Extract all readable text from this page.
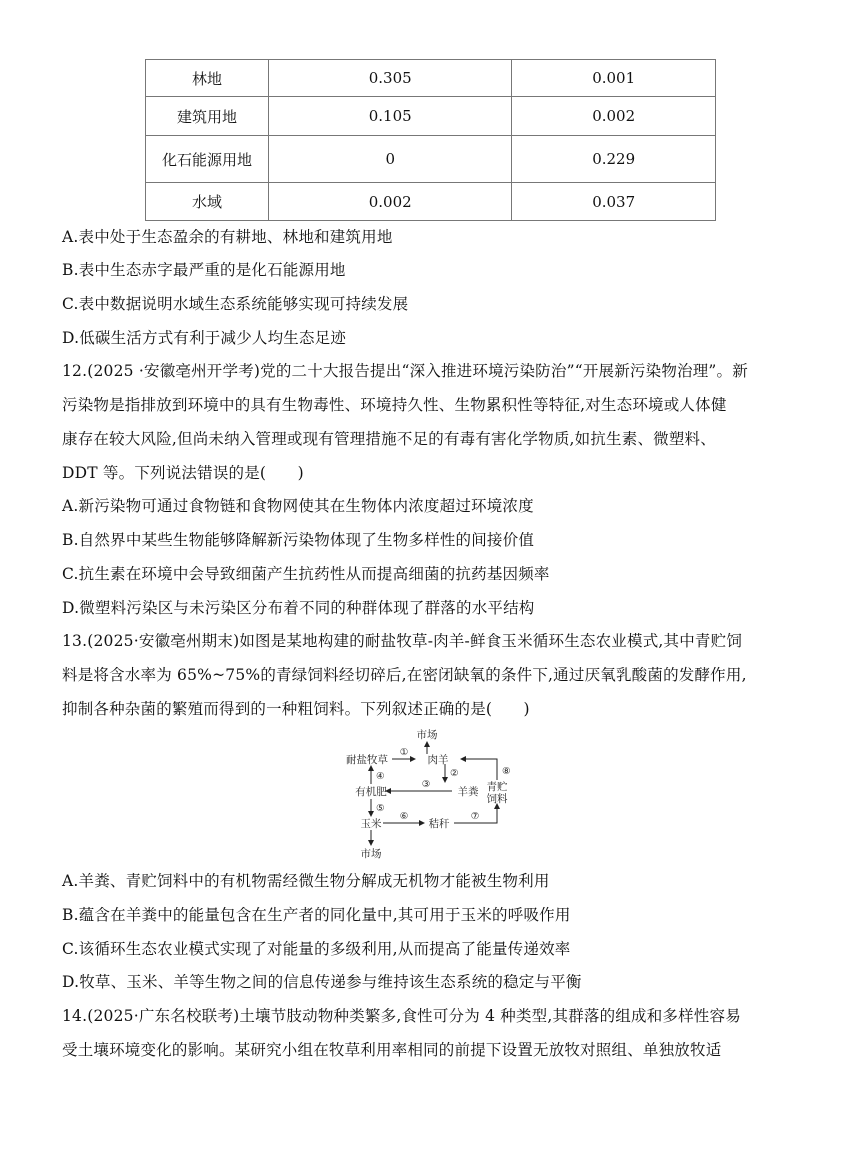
林地	0.305	0.001
建筑用地	0.105	0.002
化石能源用地	0	0.229
水域	0.002	0.037
A.表中处于生态盈余的有耕地、林地和建筑用地
B.表中生态赤字最严重的是化石能源用地
C.表中数据说明水域生态系统能够实现可持续发展
D.低碳生活方式有利于减少人均生态足迹
12.(2025 ·安徽亳州开学考)党的二十大报告提出“深入推进环境污染防治”“开展新污染物治理”。新
污染物是指排放到环境中的具有生物毒性、环境持久性、生物累积性等特征,对生态环境或人体健
康存在较大风险,但尚未纳入管理或现有管理措施不足的有毒有害化学物质,如抗生素、微塑料、
DDT 等。下列说法错误的是(　　)
A.新污染物可通过食物链和食物网使其在生物体内浓度超过环境浓度
B.自然界中某些生物能够降解新污染物体现了生物多样性的间接价值
C.抗生素在环境中会导致细菌产生抗药性从而提高细菌的抗药基因频率
D.微塑料污染区与未污染区分布着不同的种群体现了群落的水平结构
13.(2025·安徽亳州期末)如图是某地构建的耐盐牧草-肉羊-鲜食玉米循环生态农业模式,其中青贮饲
料是将含水率为 65%~75%的青绿饲料经切碎后,在密闭缺氧的条件下,通过厌氧乳酸菌的发酵作用,
抑制各种杂菌的繁殖而得到的一种粗饲料。下列叙述正确的是(　　)
市场
耐盐牧草	肉羊
羊粪 青贮
饲料
有机肥
玉米	秸秆
市场
①
②
③
④
⑤
⑥	⑦
⑧
A.羊粪、青贮饲料中的有机物需经微生物分解成无机物才能被生物利用
B.蕴含在羊粪中的能量包含在生产者的同化量中,其可用于玉米的呼吸作用
C.该循环生态农业模式实现了对能量的多级利用,从而提高了能量传递效率
D.牧草、玉米、羊等生物之间的信息传递参与维持该生态系统的稳定与平衡
14.(2025·广东名校联考)土壤节肢动物种类繁多,食性可分为 4 种类型,其群落的组成和多样性容易
受土壤环境变化的影响。某研究小组在牧草利用率相同的前提下设置无放牧对照组、单独放牧适
